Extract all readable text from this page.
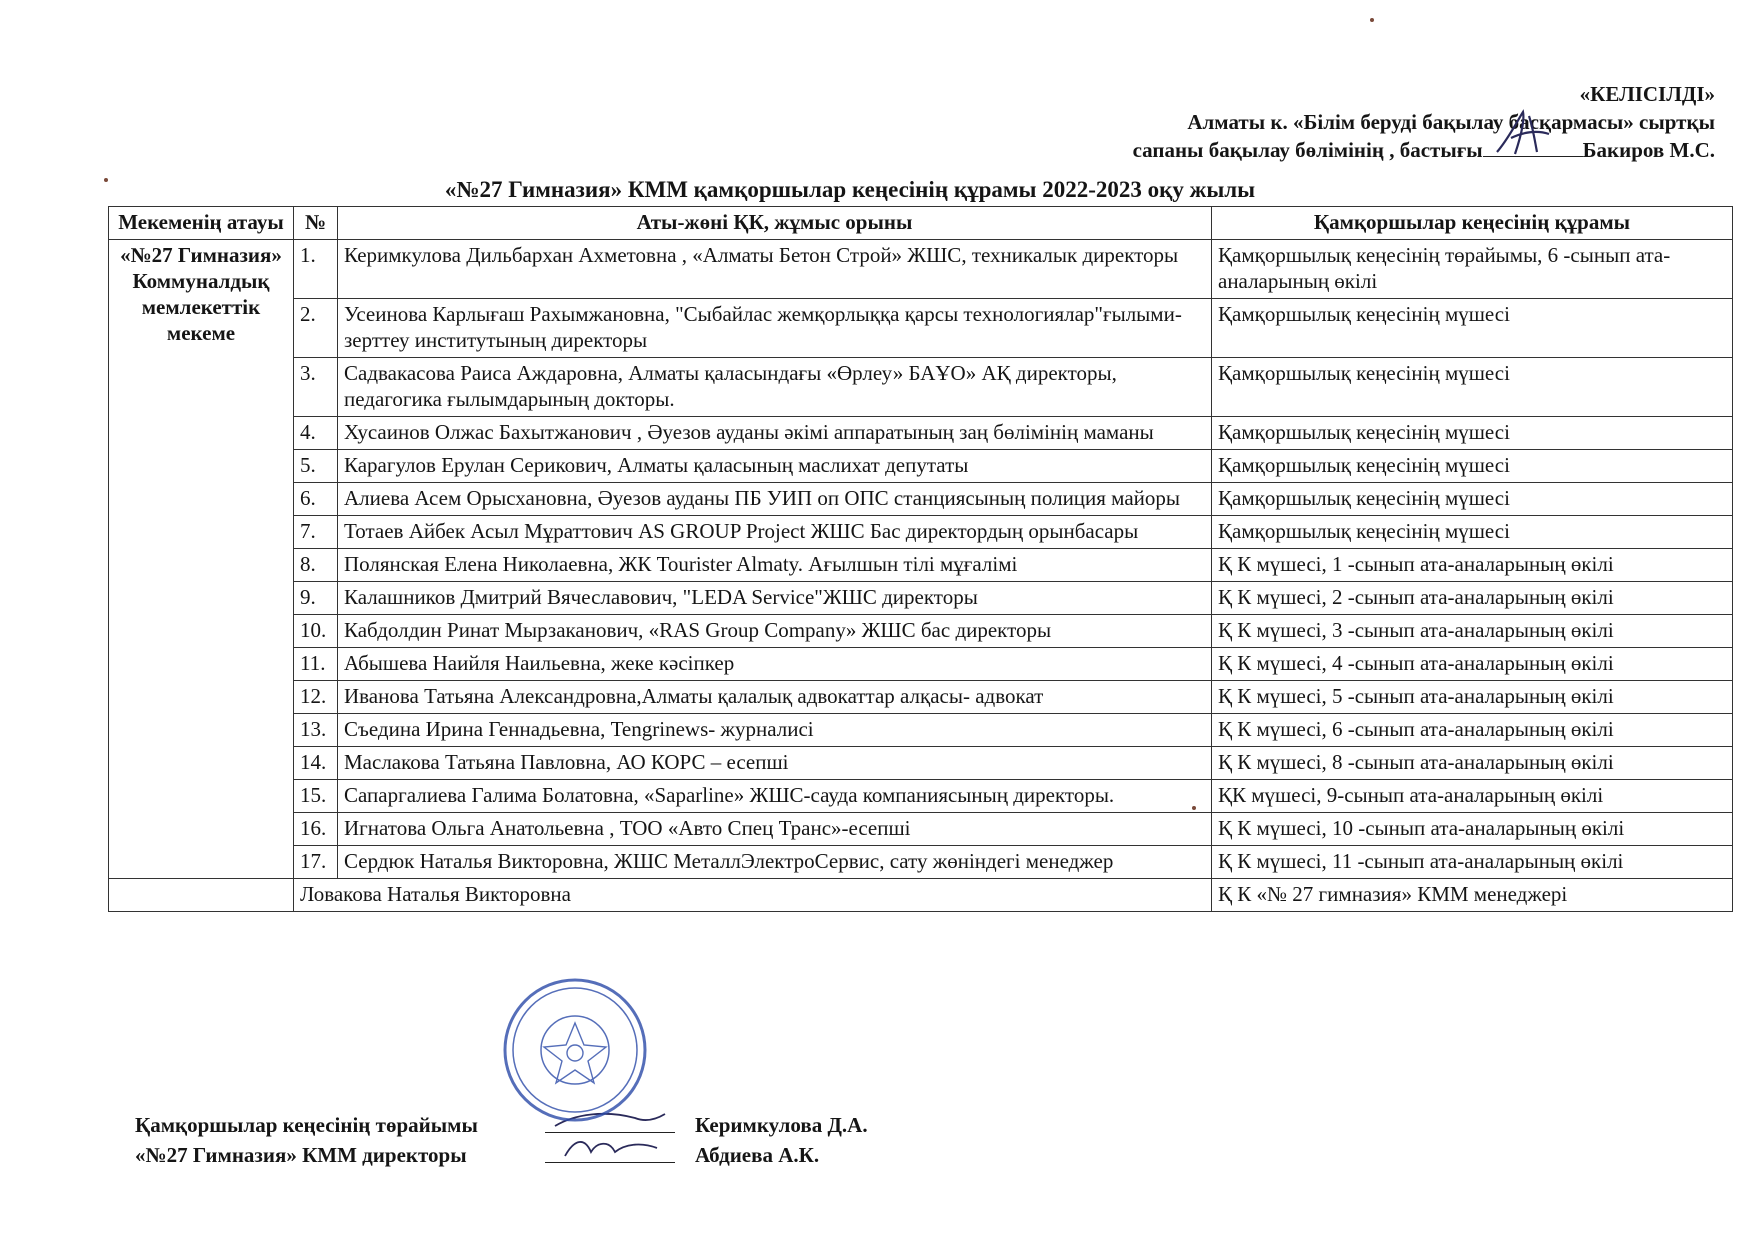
«КЕЛІСІЛДІ»
Алматы к. «Білім беруді бақылау басқармасы» сыртқы
сапаны бақылау бөлімінің , бастығы	Бакиров М.С.
«№27 Гимназия» КММ қамқоршылар кеңесінің құрамы 2022-2023 оқу жылы
Мекеменің атауы	№	Аты-жөні ҚК, жұмыс орыны	Қамқоршылар кеңесінің құрамы
«№27 Гимназия» Коммуналдық мемлекеттік мекеме	1.	Керимкулова Дильбархан Ахметовна , «Алматы Бетон Строй» ЖШС, техникалык директоры	Қамқоршылық кеңесінің төрайымы, 6 -сынып ата-аналарының өкілі
	2.	Усеинова Карлығаш Рахымжановна, "Сыбайлас жемқорлыққа қарсы технологиялар"ғылыми-зерттеу институтының директоры	Қамқоршылық кеңесінің мүшесі
	3.	Садвакасова Раиса Аждаровна, Алматы қаласындағы «Өрлеу» БАҰО» АҚ директоры, педагогика ғылымдарының докторы.	Қамқоршылық кеңесінің мүшесі
	4.	Хусаинов Олжас Бахытжанович , Әуезов ауданы әкімі аппаратының заң бөлімінің маманы	Қамқоршылық кеңесінің мүшесі
	5.	Карагулов Ерулан Серикович, Алматы қаласының маслихат депутаты	Қамқоршылық кеңесінің мүшесі
	6.	Алиева Асем Орысхановна, Әуезов ауданы ПБ УИП оп ОПС станциясының полиция майоры	Қамқоршылық кеңесінің мүшесі
	7.	Тотаев Айбек Асыл Мұраттович AS GROUP Project ЖШС Бас директордың орынбасары	Қамқоршылық кеңесінің мүшесі
	8.	Полянская Елена Николаевна, ЖК Tourister Almaty. Ағылшын тілі мұғалімі	Қ К мүшесі, 1 -сынып ата-аналарының өкілі
	9.	Калашников Дмитрий Вячеславович, "LEDA Service"ЖШС директоры	Қ К мүшесі, 2 -сынып ата-аналарының өкілі
	10.	Кабдолдин Ринат Мырзаканович, «RAS Group Company» ЖШС бас директоры	Қ К мүшесі, 3 -сынып ата-аналарының өкілі
	11.	Абышева Наийля Наильевна, жеке кәсіпкер	Қ К мүшесі, 4 -сынып ата-аналарының өкілі
	12.	Иванова Татьяна Александровна,Алматы қалалық адвокаттар алқасы- адвокат	Қ К мүшесі, 5 -сынып ата-аналарының өкілі
	13.	Съедина Ирина Геннадьевна, Tengrinews- журналисі	Қ К мүшесі, 6 -сынып ата-аналарының өкілі
	14.	Маслакова Татьяна Павловна, АО КОРС – есепші	Қ К мүшесі, 8 -сынып ата-аналарының өкілі
	15.	Сапаргалиева Галима Болатовна, «Saparline» ЖШС-сауда компаниясының директоры.	ҚК мүшесі, 9-сынып ата-аналарының өкілі
	16.	Игнатова Ольга Анатольевна , ТОО «Авто Спец Транс»-есепші	Қ К мүшесі, 10 -сынып ата-аналарының өкілі
	17.	Сердюк Наталья Викторовна, ЖШС МеталлЭлектроСервис, сату жөніндегі менеджер	Қ К мүшесі, 11 -сынып ата-аналарының өкілі
	Ловакова Наталья Викторовна		Қ К «№ 27 гимназия» КММ менеджері
Қамқоршылар кеңесінің төрайымы	Керимкулова Д.А.
«№27 Гимназия» КММ директоры	Абдиева А.К.
